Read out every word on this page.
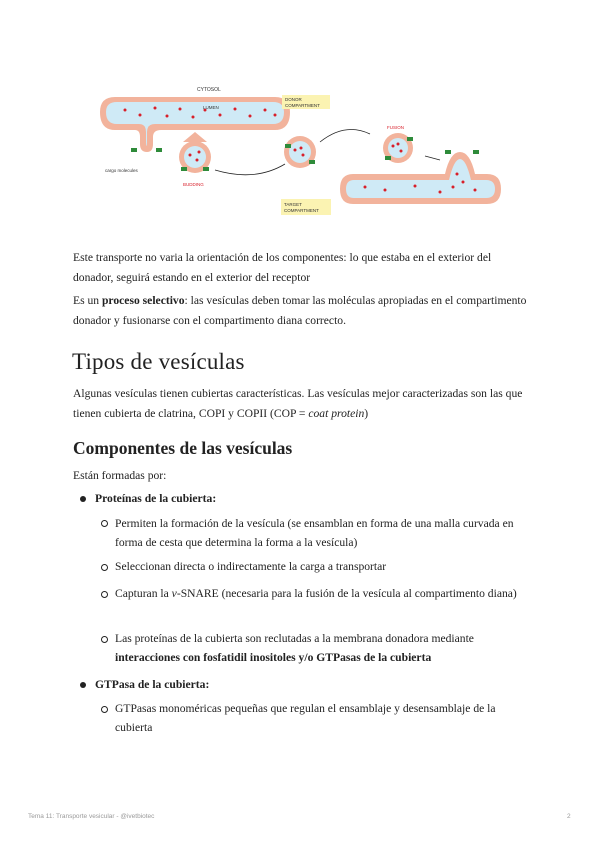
CYTOSOL
LUMEN
DONOR
COMPARTMENT
BUDDING
FUSION
TARGET
COMPARTMENT
cargo molecules

Este transporte no varia la orientación de los componentes: lo que estaba en el exterior del donador, seguirá estando en el exterior del receptor

Es un proceso selectivo: las vesículas deben tomar las moléculas apropiadas en el compartimento donador y fusionarse con el compartimento diana correcto.

Tipos de vesículas

Algunas vesículas tienen cubiertas características. Las vesículas mejor caracterizadas son las que tienen cubierta de clatrina, COPI y COPII (COP = coat protein)

Componentes de las vesículas

Están formadas por:

Proteínas de la cubierta:

Permiten la formación de la vesícula (se ensamblan en forma de una malla curvada en forma de cesta que determina la forma a la vesícula)

Seleccionan directa o indirectamente la carga a transportar

Capturan la v-SNARE (necesaria para la fusión de la vesícula al compartimento diana)

Las proteínas de la cubierta son reclutadas a la membrana donadora mediante interacciones con fosfatidil inositoles y/o GTPasas de la cubierta

GTPasa de la cubierta:

GTPasas monoméricas pequeñas que regulan el ensamblaje y desensamblaje de la cubierta

Tema 11: Transporte vesicular - @ivetbiotec	2
